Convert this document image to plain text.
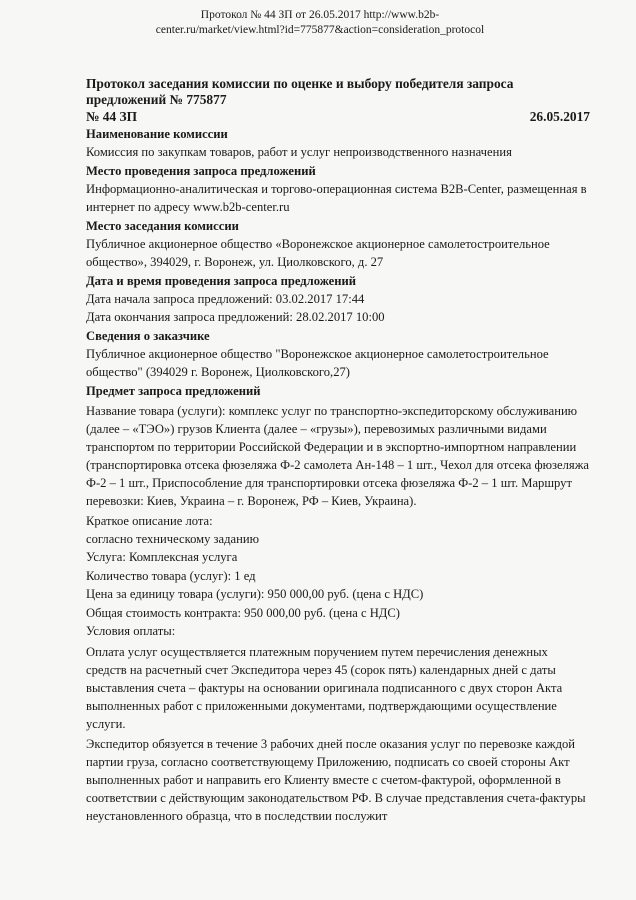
Протокол № 44 ЗП от 26.05.2017 http://www.b2b-
center.ru/market/view.html?id=775877&action=consideration_protocol
Протокол заседания комиссии по оценке и выбору победителя запроса предложений № 775877
№ 44 ЗП	26.05.2017
Наименование комиссии
Комиссия по закупкам товаров, работ и услуг непроизводственного назначения
Место проведения запроса предложений
Информационно-аналитическая и торгово-операционная система B2B-Center, размещенная в интернет по адресу www.b2b-center.ru
Место заседания комиссии
Публичное акционерное общество «Воронежское акционерное самолетостроительное общество», 394029, г. Воронеж, ул. Циолковского, д. 27
Дата и время проведения запроса предложений
Дата начала запроса предложений: 03.02.2017 17:44
Дата окончания запроса предложений: 28.02.2017 10:00
Сведения о заказчике
Публичное акционерное общество "Воронежское акционерное самолетостроительное общество" (394029 г. Воронеж, Циолковского,27)
Предмет запроса предложений
Название товара (услуги): комплекс услуг по транспортно-экспедиторскому обслуживанию (далее – «ТЭО») грузов Клиента (далее – «грузы»), перевозимых различными видами транспортом по территории Российской Федерации и в экспортно-импортном направлении (транспортировка отсека фюзеляжа Ф-2 самолета Ан-148 – 1 шт., Чехол для отсека фюзеляжа Ф-2 – 1 шт., Приспособление для транспортировки отсека фюзеляжа Ф-2 – 1 шт. Маршрут перевозки: Киев, Украина – г. Воронеж, РФ – Киев, Украина).
Краткое описание лота:
согласно техническому заданию
Услуга: Комплексная услуга
Количество товара (услуг): 1 ед
Цена за единицу товара (услуги): 950 000,00 руб. (цена с НДС)
Общая стоимость контракта: 950 000,00 руб. (цена с НДС)
Условия оплаты:
Оплата услуг осуществляется платежным поручением путем перечисления денежных средств на расчетный счет Экспедитора через 45 (сорок пять) календарных дней с даты выставления счета – фактуры на основании оригинала подписанного с двух сторон Акта выполненных работ с приложенными документами, подтверждающими осуществление услуги.
Экспедитор обязуется в течение 3 рабочих дней после оказания услуг по перевозке каждой партии груза, согласно соответствующему Приложению, подписать со своей стороны Акт выполненных работ и направить его Клиенту вместе с счетом-фактурой, оформленной в соответствии с действующим законодательством РФ. В случае представления счета-фактуры неустановленного образца, что в последствии послужит
